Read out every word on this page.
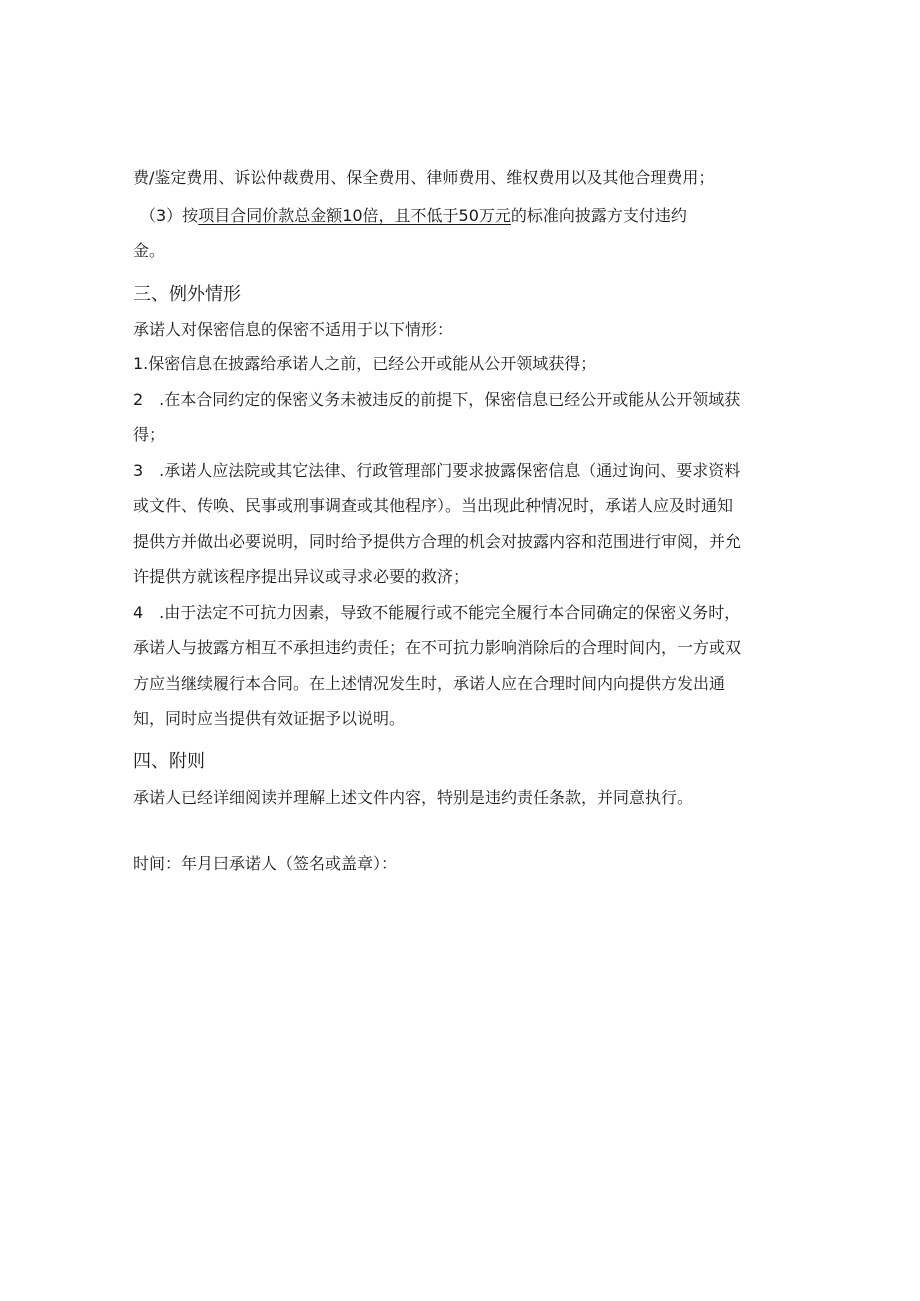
费/鉴定费用、诉讼仲裁费用、保全费用、律师费用、维权费用以及其他合理费用；
（3）按项目合同价款总金额10倍，且不低于50万元的标准向披露方支付违约
金。
三、例外情形
承诺人对保密信息的保密不适用于以下情形：
1.保密信息在披露给承诺人之前，已经公开或能从公开领域获得；
2　.在本合同约定的保密义务未被违反的前提下，保密信息已经公开或能从公开领域获
得；
3　.承诺人应法院或其它法律、行政管理部门要求披露保密信息（通过询问、要求资料
或文件、传唤、民事或刑事调查或其他程序）。当出现此种情况时，承诺人应及时通知
提供方并做出必要说明，同时给予提供方合理的机会对披露内容和范围进行审阅，并允
许提供方就该程序提出异议或寻求必要的救济；
4　.由于法定不可抗力因素，导致不能履行或不能完全履行本合同确定的保密义务时，
承诺人与披露方相互不承担违约责任；在不可抗力影响消除后的合理时间内，一方或双
方应当继续履行本合同。在上述情况发生时，承诺人应在合理时间内向提供方发出通
知，同时应当提供有效证据予以说明。
四、附则
承诺人已经详细阅读并理解上述文件内容，特别是违约责任条款，并同意执行。
时间：年月曰承诺人（签名或盖章）：
